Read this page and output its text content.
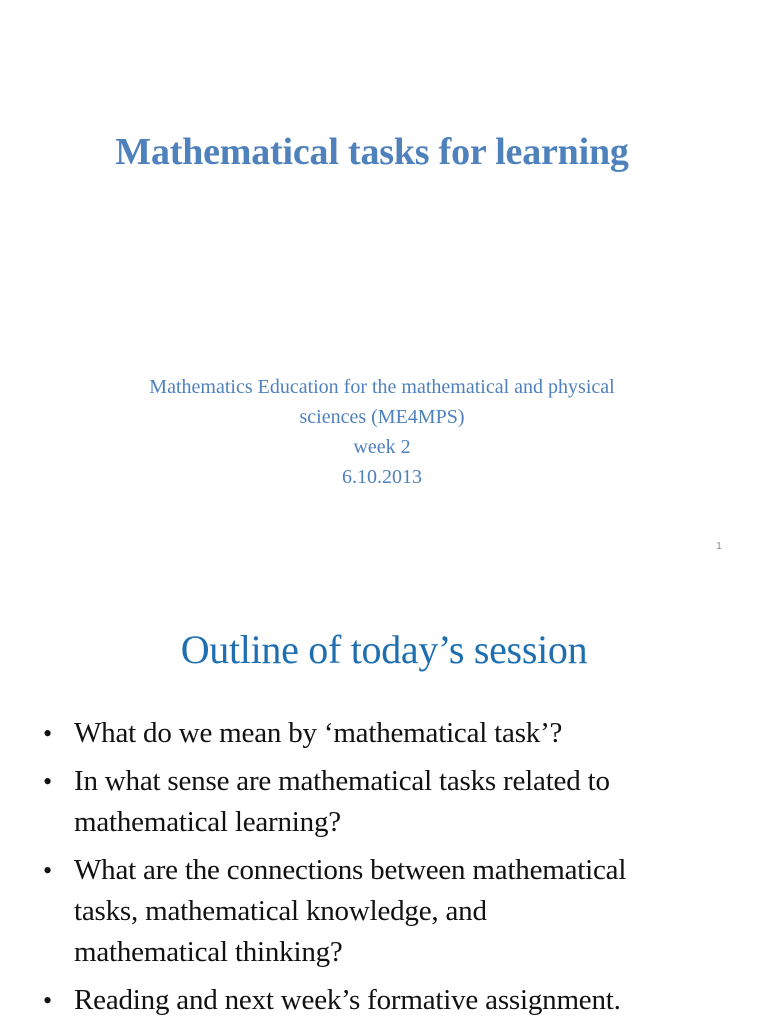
Mathematical tasks for learning
Mathematics Education for the mathematical and physical
sciences (ME4MPS)
week 2
6.10.2013
1
Outline of today’s session
• What do we mean by ‘mathematical task’?
• In what sense are mathematical tasks related to
mathematical learning?
• What are the connections between mathematical
tasks, mathematical knowledge, and
mathematical thinking?
• Reading and next week’s formative assignment.
